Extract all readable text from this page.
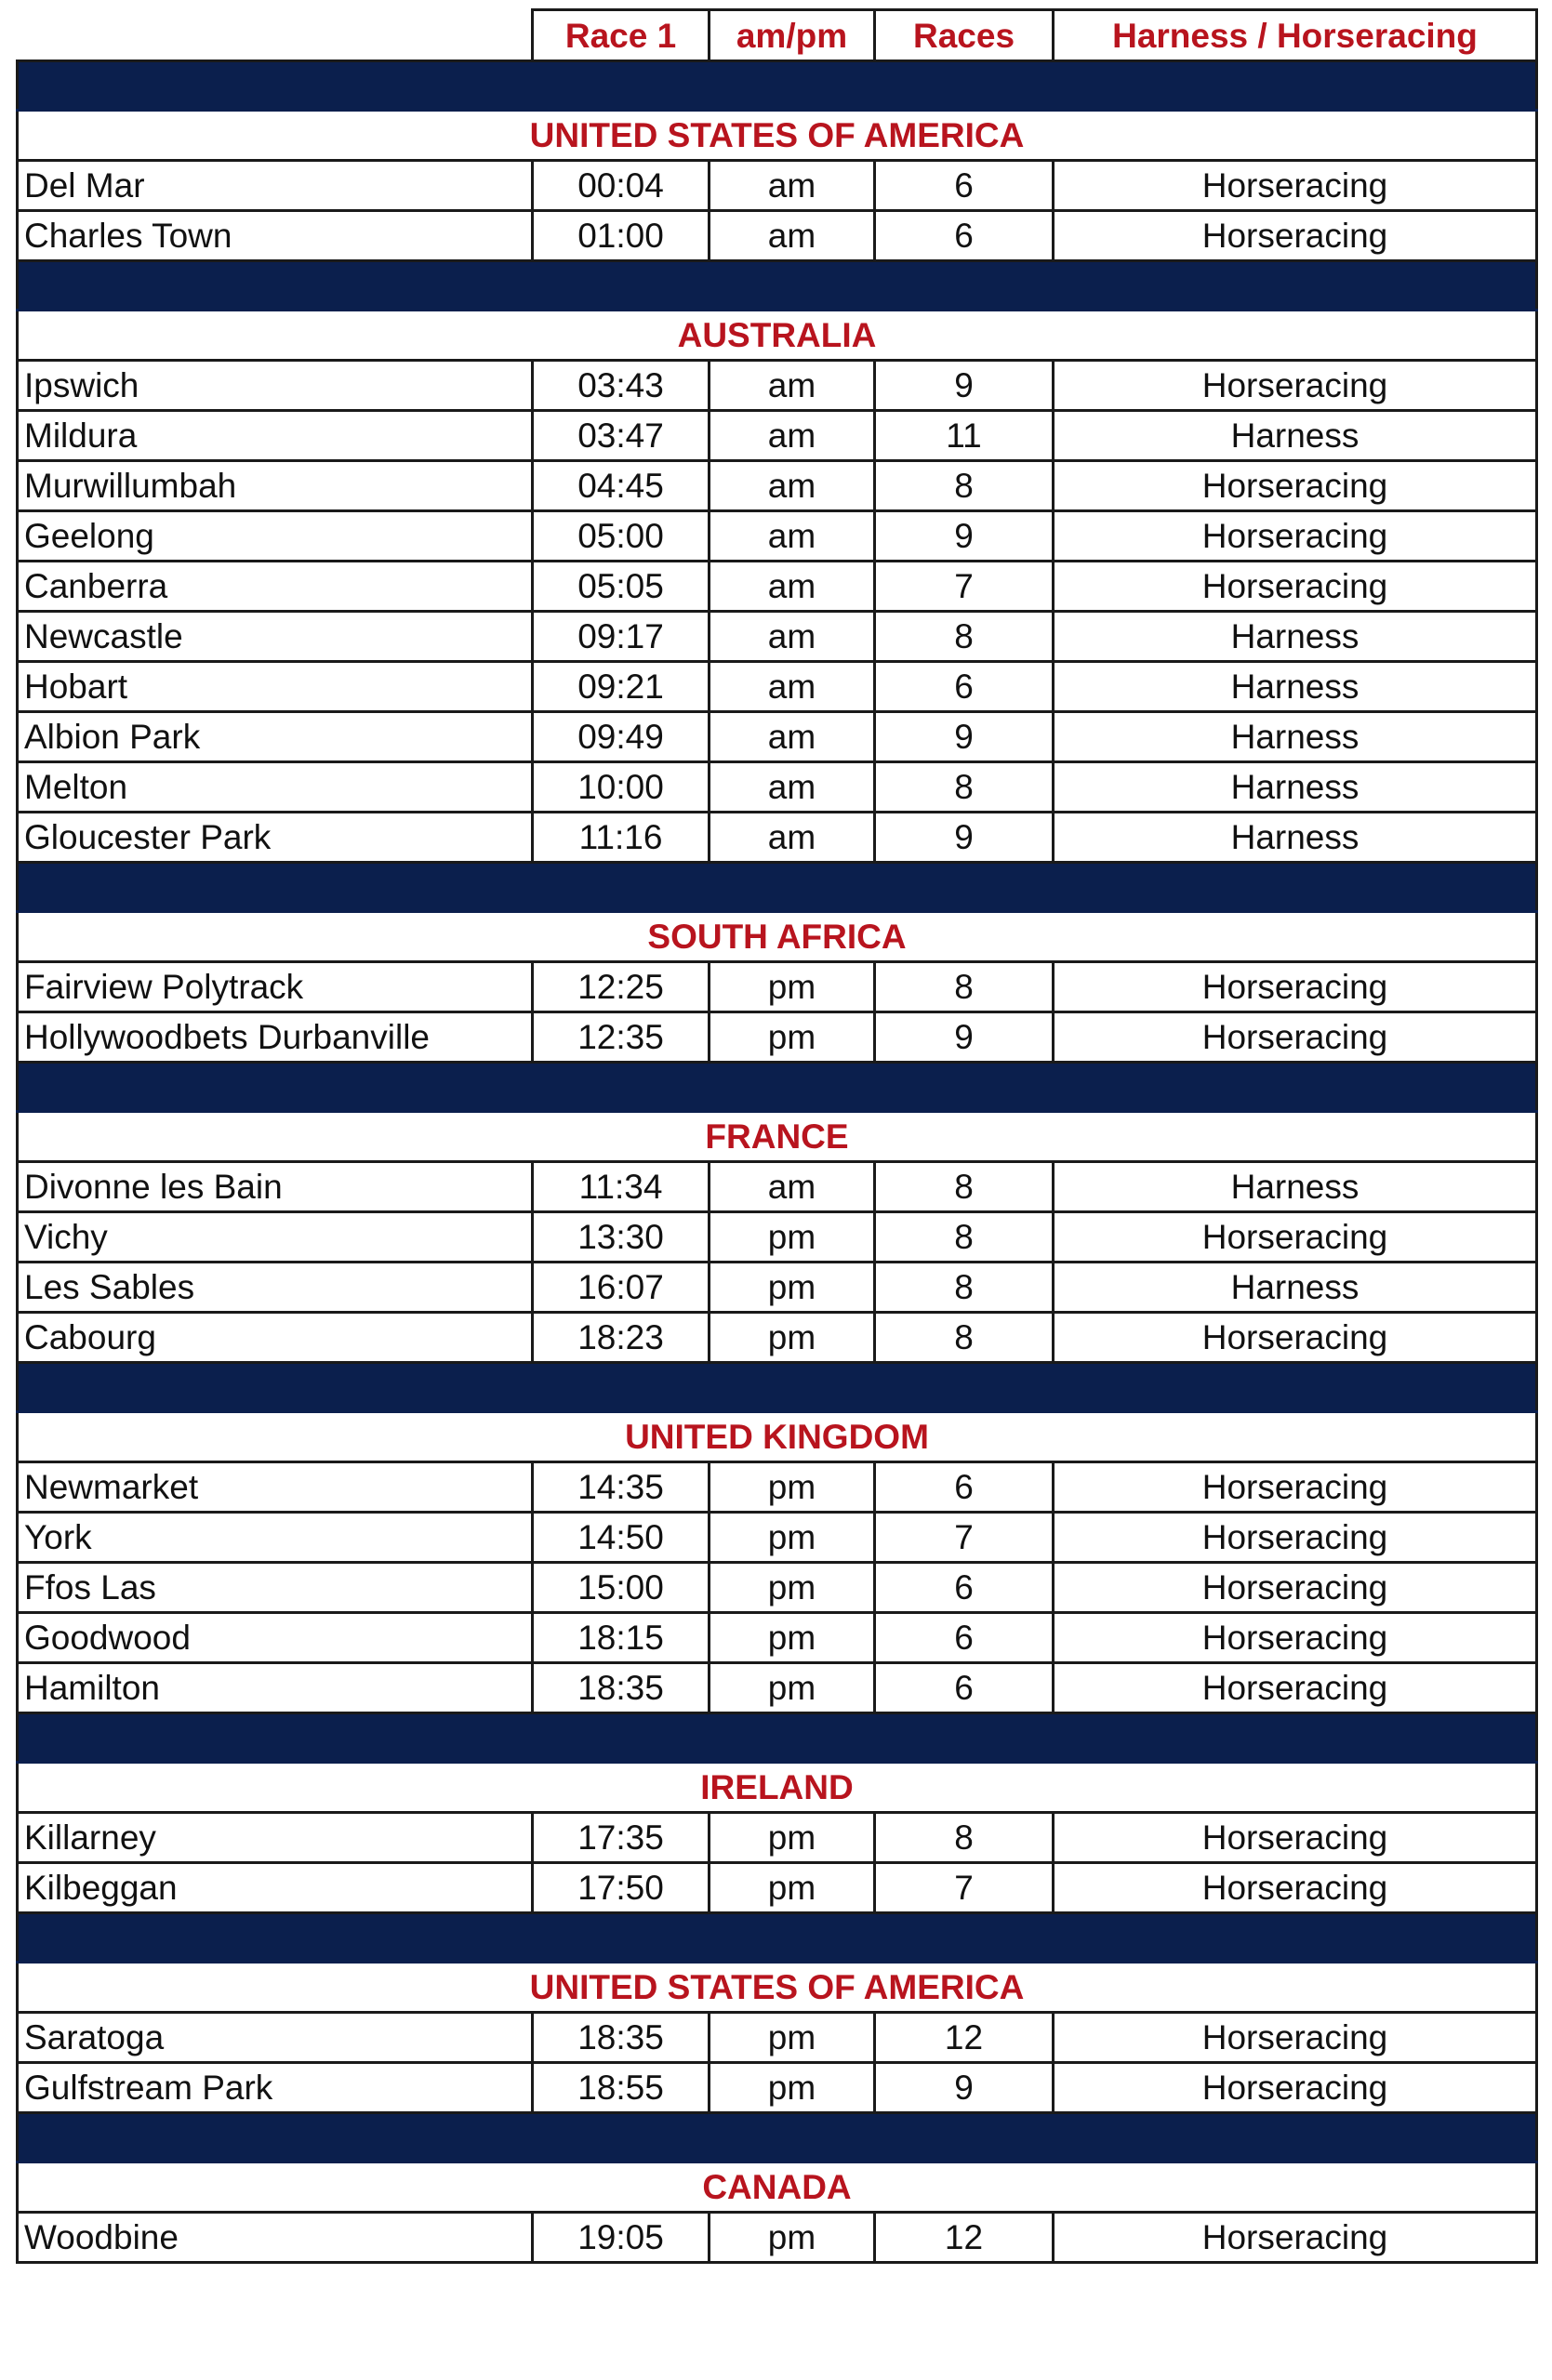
	Race 1	am/pm	Races	Harness / Horseracing

UNITED STATES OF AMERICA				
Del Mar	00:04	am	6	Horseracing
Charles Town	01:00	am	6	Horseracing

AUSTRALIA				
Ipswich	03:43	am	9	Horseracing
Mildura	03:47	am	11	Harness
Murwillumbah	04:45	am	8	Horseracing
Geelong	05:00	am	9	Horseracing
Canberra	05:05	am	7	Horseracing
Newcastle	09:17	am	8	Harness
Hobart	09:21	am	6	Harness
Albion Park	09:49	am	9	Harness
Melton	10:00	am	8	Harness
Gloucester Park	11:16	am	9	Harness

SOUTH AFRICA				
Fairview Polytrack	12:25	pm	8	Horseracing
Hollywoodbets Durbanville	12:35	pm	9	Horseracing

FRANCE				
Divonne les Bain	11:34	am	8	Harness
Vichy	13:30	pm	8	Horseracing
Les Sables	16:07	pm	8	Harness
Cabourg	18:23	pm	8	Horseracing

UNITED KINGDOM				
Newmarket	14:35	pm	6	Horseracing
York	14:50	pm	7	Horseracing
Ffos Las	15:00	pm	6	Horseracing
Goodwood	18:15	pm	6	Horseracing
Hamilton	18:35	pm	6	Horseracing

IRELAND				
Killarney	17:35	pm	8	Horseracing
Kilbeggan	17:50	pm	7	Horseracing

UNITED STATES OF AMERICA				
Saratoga	18:35	pm	12	Horseracing
Gulfstream Park	18:55	pm	9	Horseracing

CANADA				
Woodbine	19:05	pm	12	Horseracing
